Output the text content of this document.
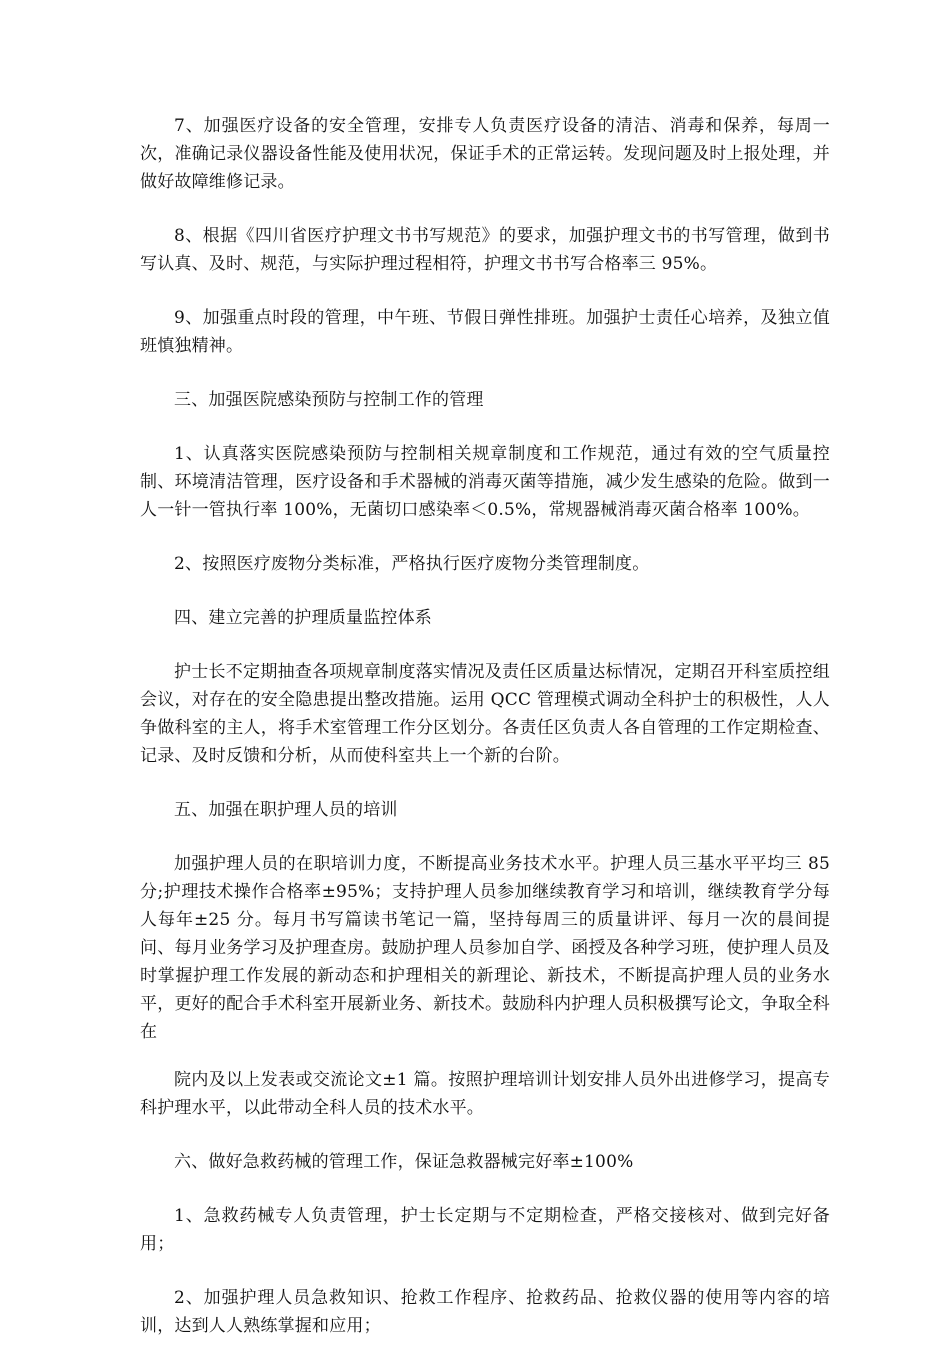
7、加强医疗设备的安全管理，安排专人负责医疗设备的清洁、消毒和保养，每周一次，准确记录仪器设备性能及使用状况，保证手术的正常运转。发现问题及时上报处理，并做好故障维修记录。

8、根据《四川省医疗护理文书书写规范》的要求，加强护理文书的书写管理，做到书写认真、及时、规范，与实际护理过程相符，护理文书书写合格率三 95%。

9、加强重点时段的管理，中午班、节假日弹性排班。加强护士责任心培养，及独立值班慎独精神。

三、加强医院感染预防与控制工作的管理

1、认真落实医院感染预防与控制相关规章制度和工作规范，通过有效的空气质量控制、环境清洁管理，医疗设备和手术器械的消毒灭菌等措施，减少发生感染的危险。做到一人一针一管执行率 100%，无菌切口感染率＜0.5%，常规器械消毒灭菌合格率 100%。

2、按照医疗废物分类标准，严格执行医疗废物分类管理制度。

四、建立完善的护理质量监控体系

护士长不定期抽查各项规章制度落实情况及责任区质量达标情况，定期召开科室质控组会议，对存在的安全隐患提出整改措施。运用 QCC 管理模式调动全科护士的积极性，人人争做科室的主人，将手术室管理工作分区划分。各责任区负责人各自管理的工作定期检查、记录、及时反馈和分析，从而使科室共上一个新的台阶。

五、加强在职护理人员的培训

加强护理人员的在职培训力度，不断提高业务技术水平。护理人员三基水平平均三 85 分;护理技术操作合格率±95%；支持护理人员参加继续教育学习和培训，继续教育学分每人每年±25 分。每月书写篇读书笔记一篇，坚持每周三的质量讲评、每月一次的晨间提问、每月业务学习及护理查房。鼓励护理人员参加自学、函授及各种学习班，使护理人员及时掌握护理工作发展的新动态和护理相关的新理论、新技术，不断提高护理人员的业务水平，更好的配合手术科室开展新业务、新技术。鼓励科内护理人员积极撰写论文，争取全科在

院内及以上发表或交流论文±1 篇。按照护理培训计划安排人员外出进修学习，提高专科护理水平，以此带动全科人员的技术水平。

六、做好急救药械的管理工作，保证急救器械完好率±100%

1、急救药械专人负责管理，护士长定期与不定期检查，严格交接核对、做到完好备用；

2、加强护理人员急救知识、抢救工作程序、抢救药品、抢救仪器的使用等内容的培训，达到人人熟练掌握和应用；
